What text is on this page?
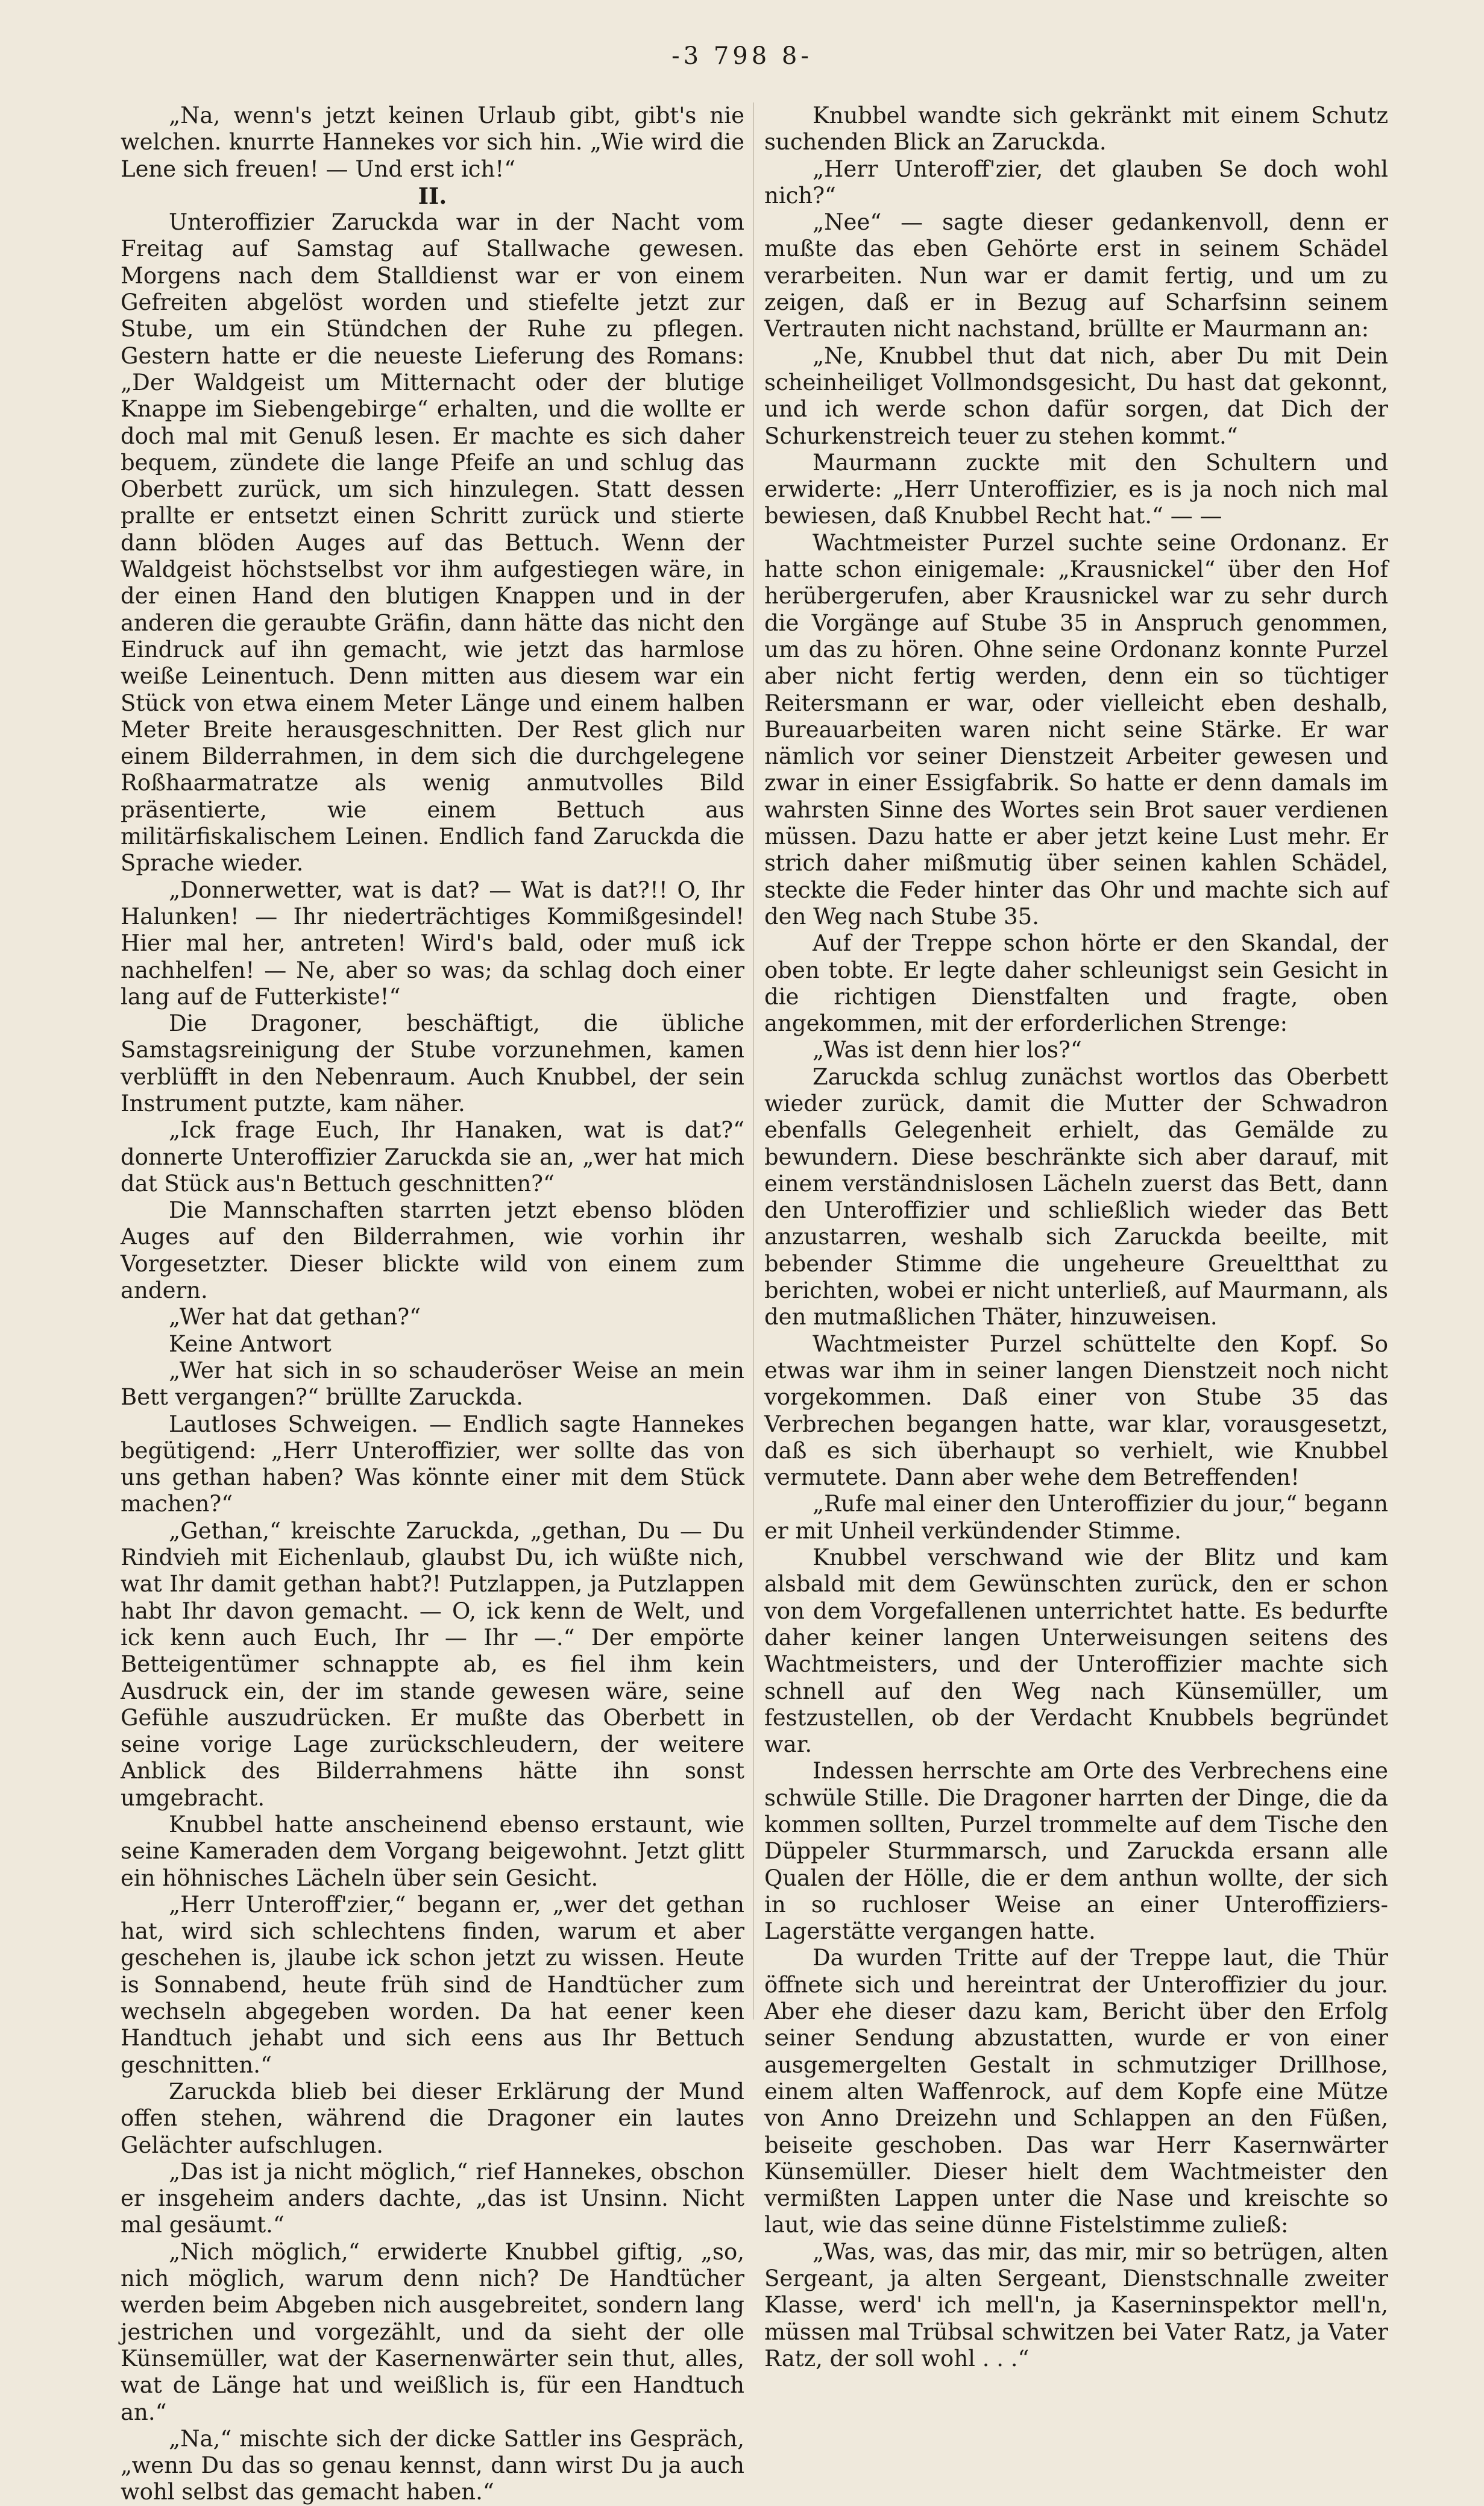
-3 798 8-

„Na, wenn's jetzt keinen Urlaub gibt, gibt's nie welchen. knurrte Hannekes vor sich hin. „Wie wird die Lene sich freuen! — Und erst ich!“

II.

Unteroffizier Zaruckda war in der Nacht vom Freitag auf Samstag auf Stallwache gewesen. Morgens nach dem Stalldienst war er von einem Gefreiten abgelöst worden und stiefelte jetzt zur Stube, um ein Stündchen der Ruhe zu pflegen. Gestern hatte er die neueste Lieferung des Romans: „Der Waldgeist um Mitternacht oder der blutige Knappe im Siebengebirge“ erhalten, und die wollte er doch mal mit Genuß lesen. Er machte es sich daher bequem, zündete die lange Pfeife an und schlug das Oberbett zurück, um sich hinzulegen. Statt dessen prallte er entsetzt einen Schritt zurück und stierte dann blöden Auges auf das Bettuch. Wenn der Waldgeist höchstselbst vor ihm aufgestiegen wäre, in der einen Hand den blutigen Knappen und in der anderen die geraubte Gräfin, dann hätte das nicht den Eindruck auf ihn gemacht, wie jetzt das harmlose weiße Leinentuch. Denn mitten aus diesem war ein Stück von etwa einem Meter Länge und einem halben Meter Breite herausgeschnitten. Der Rest glich nur einem Bilderrahmen, in dem sich die durchgelegene Roßhaarmatratze als wenig anmutvolles Bild präsentierte, wie einem Bettuch aus militärfiskalischem Leinen. Endlich fand Zaruckda die Sprache wieder.

„Donnerwetter, wat is dat? — Wat is dat?!! O, Ihr Halunken! — Ihr niederträchtiges Kommißgesindel! Hier mal her, antreten! Wird's bald, oder muß ick nachhelfen! — Ne, aber so was; da schlag doch einer lang auf de Futterkiste!“

Die Dragoner, beschäftigt, die übliche Samstagsreinigung der Stube vorzunehmen, kamen verblüfft in den Nebenraum. Auch Knubbel, der sein Instrument putzte, kam näher.

„Ick frage Euch, Ihr Hanaken, wat is dat?“ donnerte Unteroffizier Zaruckda sie an, „wer hat mich dat Stück aus'n Bettuch geschnitten?“

Die Mannschaften starrten jetzt ebenso blöden Auges auf den Bilderrahmen, wie vorhin ihr Vorgesetzter. Dieser blickte wild von einem zum andern.

„Wer hat dat gethan?“

Keine Antwort

„Wer hat sich in so schauderöser Weise an mein Bett vergangen?“ brüllte Zaruckda.

Lautloses Schweigen. — Endlich sagte Hannekes begütigend: „Herr Unteroffizier, wer sollte das von uns gethan haben? Was könnte einer mit dem Stück machen?“

„Gethan,“ kreischte Zaruckda, „gethan, Du — Du Rindvieh mit Eichenlaub, glaubst Du, ich wüßte nich, wat Ihr damit gethan habt?! Putzlappen, ja Putzlappen habt Ihr davon gemacht. — O, ick kenn de Welt, und ick kenn auch Euch, Ihr — Ihr —.“ Der empörte Betteigentümer schnappte ab, es fiel ihm kein Ausdruck ein, der im stande gewesen wäre, seine Gefühle auszudrücken. Er mußte das Oberbett in seine vorige Lage zurückschleudern, der weitere Anblick des Bilderrahmens hätte ihn sonst umgebracht.

Knubbel hatte anscheinend ebenso erstaunt, wie seine Kameraden dem Vorgang beigewohnt. Jetzt glitt ein höhnisches Lächeln über sein Gesicht.

„Herr Unteroff'zier,“ begann er, „wer det gethan hat, wird sich schlechtens finden, warum et aber geschehen is, jlaube ick schon jetzt zu wissen. Heute is Sonnabend, heute früh sind de Handtücher zum wechseln abgegeben worden. Da hat eener keen Handtuch jehabt und sich eens aus Ihr Bettuch geschnitten.“

Zaruckda blieb bei dieser Erklärung der Mund offen stehen, während die Dragoner ein lautes Gelächter aufschlugen.

„Das ist ja nicht möglich,“ rief Hannekes, obschon er insgeheim anders dachte, „das ist Unsinn. Nicht mal gesäumt.“

„Nich möglich,“ erwiderte Knubbel giftig, „so, nich möglich, warum denn nich? De Handtücher werden beim Abgeben nich ausgebreitet, sondern lang jestrichen und vorgezählt, und da sieht der olle Künsemüller, wat der Kasernenwärter sein thut, alles, wat de Länge hat und weißlich is, für een Handtuch an.“

„Na,“ mischte sich der dicke Sattler ins Gespräch, „wenn Du das so genau kennst, dann wirst Du ja auch wohl selbst das gemacht haben.“

Knubbel wandte sich gekränkt mit einem Schutz suchenden Blick an Zaruckda.

„Herr Unteroff'zier, det glauben Se doch wohl nich?“

„Nee“ — sagte dieser gedankenvoll, denn er mußte das eben Gehörte erst in seinem Schädel verarbeiten. Nun war er damit fertig, und um zu zeigen, daß er in Bezug auf Scharfsinn seinem Vertrauten nicht nachstand, brüllte er Maurmann an:

„Ne, Knubbel thut dat nich, aber Du mit Dein scheinheiliget Vollmondsgesicht, Du hast dat gekonnt, und ich werde schon dafür sorgen, dat Dich der Schurkenstreich teuer zu stehen kommt.“

Maurmann zuckte mit den Schultern und erwiderte: „Herr Unteroffizier, es is ja noch nich mal bewiesen, daß Knubbel Recht hat.“ — —

Wachtmeister Purzel suchte seine Ordonanz. Er hatte schon einigemale: „Krausnickel“ über den Hof herübergerufen, aber Krausnickel war zu sehr durch die Vorgänge auf Stube 35 in Anspruch genommen, um das zu hören. Ohne seine Ordonanz konnte Purzel aber nicht fertig werden, denn ein so tüchtiger Reitersmann er war, oder vielleicht eben deshalb, Bureauarbeiten waren nicht seine Stärke. Er war nämlich vor seiner Dienstzeit Arbeiter gewesen und zwar in einer Essigfabrik. So hatte er denn damals im wahrsten Sinne des Wortes sein Brot sauer verdienen müssen. Dazu hatte er aber jetzt keine Lust mehr. Er strich daher mißmutig über seinen kahlen Schädel, steckte die Feder hinter das Ohr und machte sich auf den Weg nach Stube 35.

Auf der Treppe schon hörte er den Skandal, der oben tobte. Er legte daher schleunigst sein Gesicht in die richtigen Dienstfalten und fragte, oben angekommen, mit der erforderlichen Strenge:

„Was ist denn hier los?“

Zaruckda schlug zunächst wortlos das Oberbett wieder zurück, damit die Mutter der Schwadron ebenfalls Gelegenheit erhielt, das Gemälde zu bewundern. Diese beschränkte sich aber darauf, mit einem verständnislosen Lächeln zuerst das Bett, dann den Unteroffizier und schließlich wieder das Bett anzustarren, weshalb sich Zaruckda beeilte, mit bebender Stimme die ungeheure Greueltthat zu berichten, wobei er nicht unterließ, auf Maurmann, als den mutmaßlichen Thäter, hinzuweisen.

Wachtmeister Purzel schüttelte den Kopf. So etwas war ihm in seiner langen Dienstzeit noch nicht vorgekommen. Daß einer von Stube 35 das Verbrechen begangen hatte, war klar, vorausgesetzt, daß es sich überhaupt so verhielt, wie Knubbel vermutete. Dann aber wehe dem Betreffenden!

„Rufe mal einer den Unteroffizier du jour,“ begann er mit Unheil verkündender Stimme.

Knubbel verschwand wie der Blitz und kam alsbald mit dem Gewünschten zurück, den er schon von dem Vorgefallenen unterrichtet hatte. Es bedurfte daher keiner langen Unterweisungen seitens des Wachtmeisters, und der Unteroffizier machte sich schnell auf den Weg nach Künsemüller, um festzustellen, ob der Verdacht Knubbels begründet war.

Indessen herrschte am Orte des Verbrechens eine schwüle Stille. Die Dragoner harrten der Dinge, die da kommen sollten, Purzel trommelte auf dem Tische den Düppeler Sturmmarsch, und Zaruckda ersann alle Qualen der Hölle, die er dem anthun wollte, der sich in so ruchloser Weise an einer Unteroffiziers-Lagerstätte vergangen hatte.

Da wurden Tritte auf der Treppe laut, die Thür öffnete sich und hereintrat der Unteroffizier du jour. Aber ehe dieser dazu kam, Bericht über den Erfolg seiner Sendung abzustatten, wurde er von einer ausgemergelten Gestalt in schmutziger Drillhose, einem alten Waffenrock, auf dem Kopfe eine Mütze von Anno Dreizehn und Schlappen an den Füßen, beiseite geschoben. Das war Herr Kasernwärter Künsemüller. Dieser hielt dem Wachtmeister den vermißten Lappen unter die Nase und kreischte so laut, wie das seine dünne Fistelstimme zuließ:

„Was, was, das mir, das mir, mir so betrügen, alten Sergeant, ja alten Sergeant, Dienstschnalle zweiter Klasse, werd' ich mell'n, ja Kaserninspektor mell'n, müssen mal Trübsal schwitzen bei Vater Ratz, ja Vater Ratz, der soll wohl . . .“
